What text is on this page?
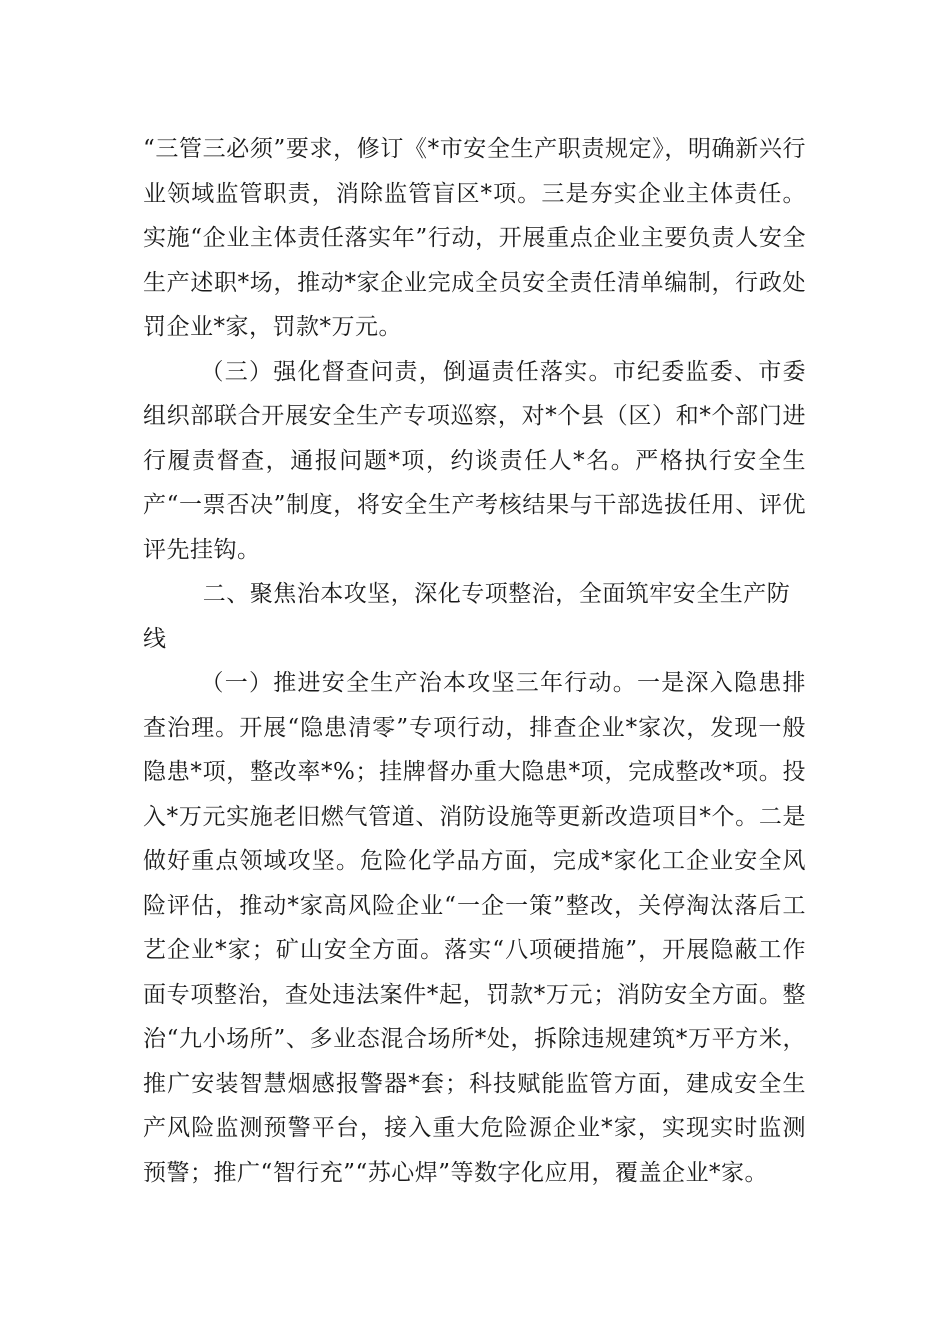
“三管三必须”要求，修订《*市安全生产职责规定》，明确新兴行业领域监管职责，消除监管盲区*项。三是夯实企业主体责任。实施“企业主体责任落实年”行动，开展重点企业主要负责人安全生产述职*场，推动*家企业完成全员安全责任清单编制，行政处罚企业*家，罚款*万元。

（三）强化督查问责，倒逼责任落实。市纪委监委、市委组织部联合开展安全生产专项巡察，对*个县（区）和*个部门进行履责督查，通报问题*项，约谈责任人*名。严格执行安全生产“一票否决”制度，将安全生产考核结果与干部选拔任用、评优评先挂钩。

二、聚焦治本攻坚，深化专项整治，全面筑牢安全生产防线

（一）推进安全生产治本攻坚三年行动。一是深入隐患排查治理。开展“隐患清零”专项行动，排查企业*家次，发现一般隐患*项，整改率*%；挂牌督办重大隐患*项，完成整改*项。投入*万元实施老旧燃气管道、消防设施等更新改造项目*个。二是做好重点领域攻坚。危险化学品方面，完成*家化工企业安全风险评估，推动*家高风险企业“一企一策”整改，关停淘汰落后工艺企业*家；矿山安全方面。落实“八项硬措施”，开展隐蔽工作面专项整治，查处违法案件*起，罚款*万元；消防安全方面。整治“九小场所”、多业态混合场所*处，拆除违规建筑*万平方米，推广安装智慧烟感报警器*套；科技赋能监管方面，建成安全生产风险监测预警平台，接入重大危险源企业*家，实现实时监测预警；推广“智行充”“苏心焊”等数字化应用，覆盖企业*家。
